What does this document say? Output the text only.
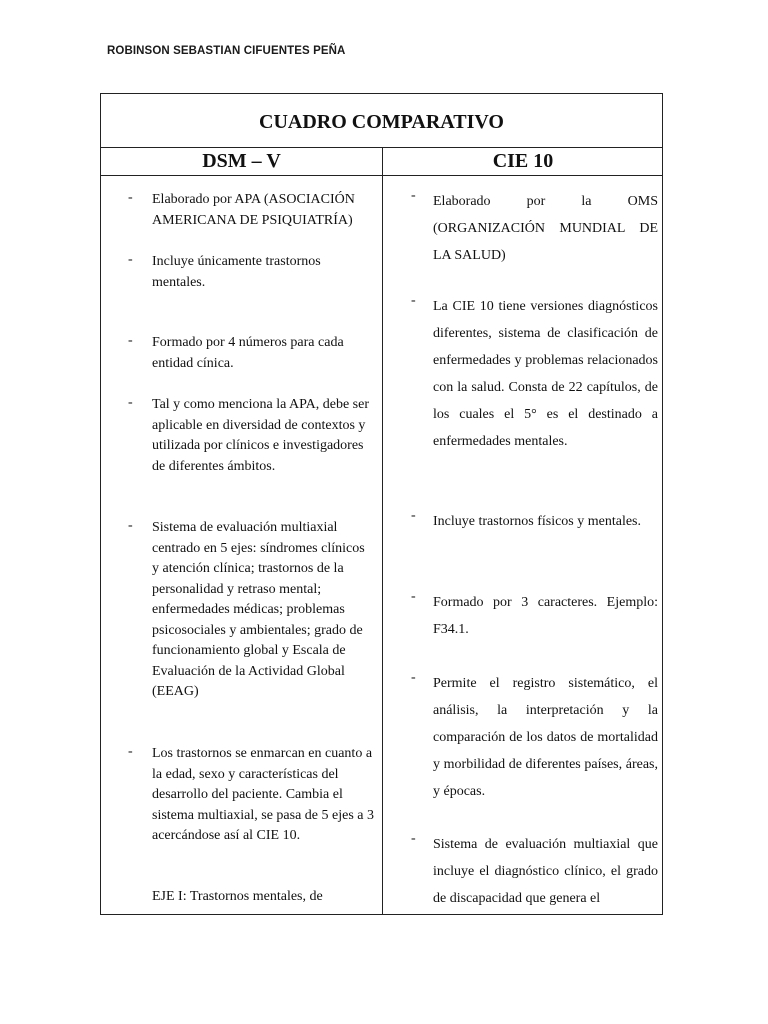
ROBINSON SEBASTIAN CIFUENTES PEÑA
CUADRO COMPARATIVO
DSM – V	CIE 10
- Elaborado por APA (ASOCIACIÓN AMERICANA DE PSIQUIATRÍA)
- Incluye únicamente trastornos mentales.
- Formado por 4 números para cada entidad cínica.
- Tal y como menciona la APA, debe ser aplicable en diversidad de contextos y utilizada por clínicos e investigadores de diferentes ámbitos.
- Sistema de evaluación multiaxial centrado en 5 ejes: síndromes clínicos y atención clínica; trastornos de la personalidad y retraso mental; enfermedades médicas; problemas psicosociales y ambientales; grado de funcionamiento global y Escala de Evaluación de la Actividad Global (EEAG)
- Los trastornos se enmarcan en cuanto a la edad, sexo y características del desarrollo del paciente. Cambia el sistema multiaxial, se pasa de 5 ejes a 3 acercándose así al CIE 10.
EJE I: Trastornos mentales, de
- Elaborado por la OMS (ORGANIZACIÓN MUNDIAL DE LA SALUD)
- La CIE 10 tiene versiones diagnósticos diferentes, sistema de clasificación de enfermedades y problemas relacionados con la salud. Consta de 22 capítulos, de los cuales el 5° es el destinado a enfermedades mentales.
- Incluye trastornos físicos y mentales.
- Formado por 3 caracteres. Ejemplo: F34.1.
- Permite el registro sistemático, el análisis, la interpretación y la comparación de los datos de mortalidad y morbilidad de diferentes países, áreas, y épocas.
- Sistema de evaluación multiaxial que incluye el diagnóstico clínico, el grado de discapacidad que genera el
